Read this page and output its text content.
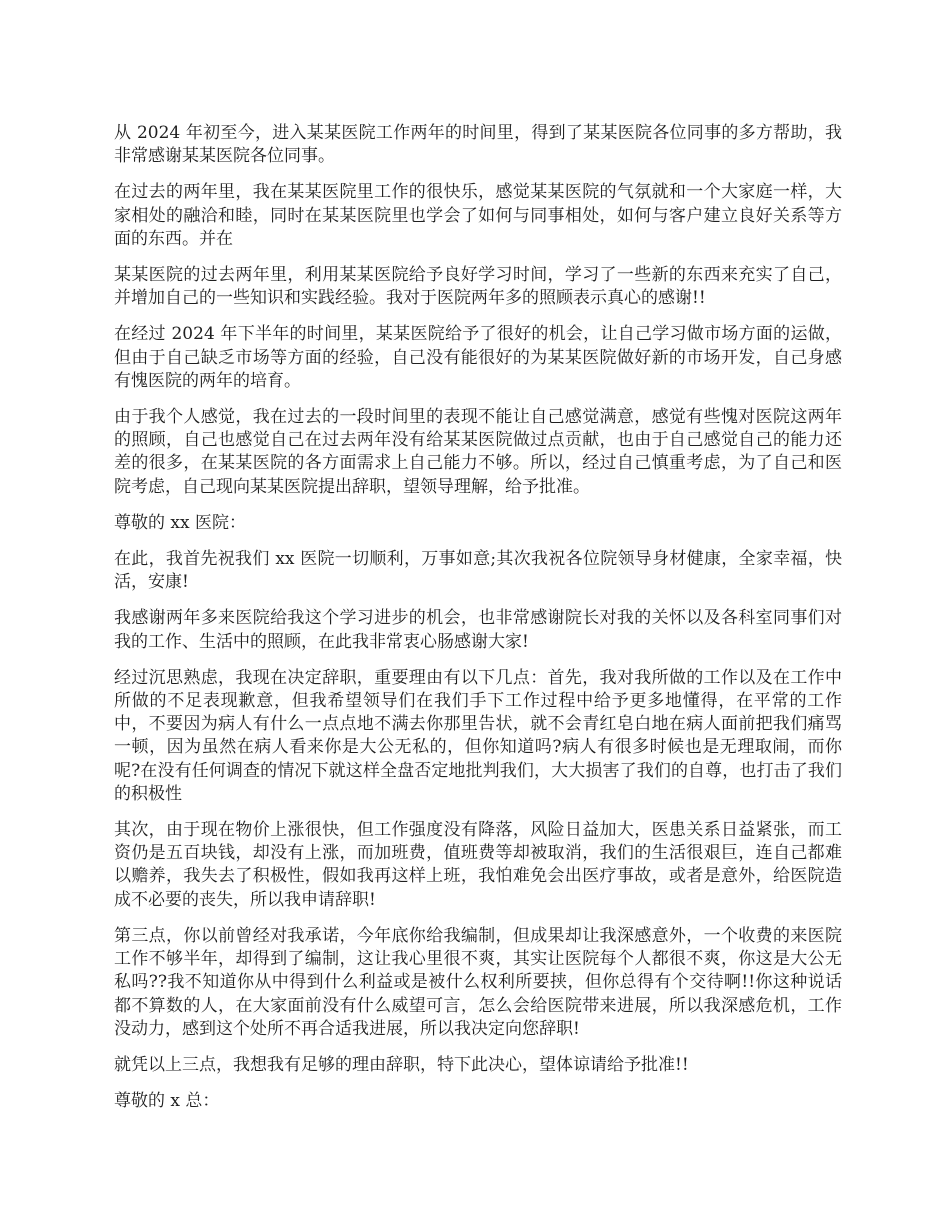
从 2024 年初至今，进入某某医院工作两年的时间里，得到了某某医院各位同事的多方帮助，我非常感谢某某医院各位同事。

在过去的两年里，我在某某医院里工作的很快乐，感觉某某医院的气氛就和一个大家庭一样，大家相处的融洽和睦，同时在某某医院里也学会了如何与同事相处，如何与客户建立良好关系等方面的东西。并在

某某医院的过去两年里，利用某某医院给予良好学习时间，学习了一些新的东西来充实了自己，并增加自己的一些知识和实践经验。我对于医院两年多的照顾表示真心的感谢!!

在经过 2024 年下半年的时间里，某某医院给予了很好的机会，让自己学习做市场方面的运做，但由于自己缺乏市场等方面的经验，自己没有能很好的为某某医院做好新的市场开发，自己身感有愧医院的两年的培育。

由于我个人感觉，我在过去的一段时间里的表现不能让自己感觉满意，感觉有些愧对医院这两年的照顾，自己也感觉自己在过去两年没有给某某医院做过点贡献，也由于自己感觉自己的能力还差的很多，在某某医院的各方面需求上自己能力不够。所以，经过自己慎重考虑，为了自己和医院考虑，自己现向某某医院提出辞职，望领导理解，给予批准。

尊敬的 xx 医院：

在此，我首先祝我们 xx 医院一切顺利，万事如意;其次我祝各位院领导身材健康，全家幸福，快活，安康!

我感谢两年多来医院给我这个学习进步的机会，也非常感谢院长对我的关怀以及各科室同事们对我的工作、生活中的照顾，在此我非常衷心肠感谢大家!

经过沉思熟虑，我现在决定辞职，重要理由有以下几点：首先，我对我所做的工作以及在工作中所做的不足表现歉意，但我希望领导们在我们手下工作过程中给予更多地懂得，在平常的工作中，不要因为病人有什么一点点地不满去你那里告状，就不会青红皂白地在病人面前把我们痛骂一顿，因为虽然在病人看来你是大公无私的，但你知道吗?病人有很多时候也是无理取闹，而你呢?在没有任何调查的情况下就这样全盘否定地批判我们，大大损害了我们的自尊，也打击了我们的积极性

其次，由于现在物价上涨很快，但工作强度没有降落，风险日益加大，医患关系日益紧张，而工资仍是五百块钱，却没有上涨，而加班费，值班费等却被取消，我们的生活很艰巨，连自己都难以赡养，我失去了积极性，假如我再这样上班，我怕难免会出医疗事故，或者是意外，给医院造成不必要的丧失，所以我申请辞职!

第三点，你以前曾经对我承诺，今年底你给我编制，但成果却让我深感意外，一个收费的来医院工作不够半年，却得到了编制，这让我心里很不爽，其实让医院每个人都很不爽，你这是大公无私吗??我不知道你从中得到什么利益或是被什么权利所要挟，但你总得有个交待啊!!你这种说话都不算数的人，在大家面前没有什么威望可言，怎么会给医院带来进展，所以我深感危机，工作没动力，感到这个处所不再合适我进展，所以我决定向您辞职!

就凭以上三点，我想我有足够的理由辞职，特下此决心，望体谅请给予批准!!

尊敬的 x 总：
